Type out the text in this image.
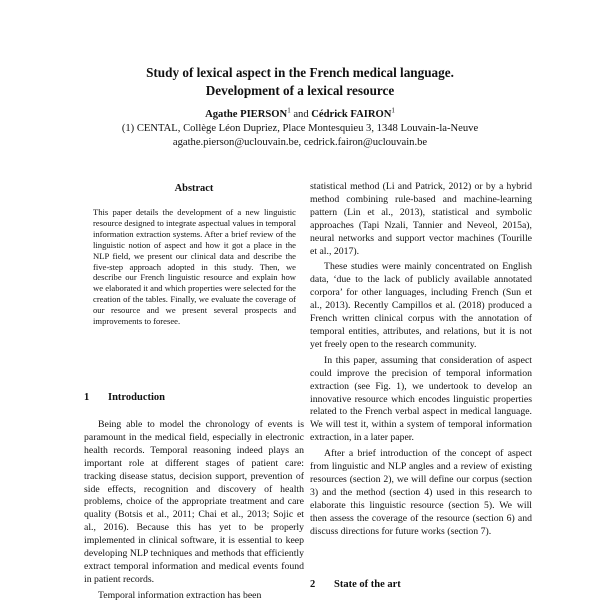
Study of lexical aspect in the French medical language.
Development of a lexical resource
Agathe PIERSON$^1$ and Cédrick FAIRON$^1$
(1) CENTAL, Collège Léon Dupriez, Place Montesquieu 3, 1348 Louvain-la-Neuve
agathe.pierson@uclouvain.be, cedrick.fairon@uclouvain.be
Abstract
This paper details the development of a new linguistic resource designed to integrate aspectual values in temporal information extraction systems. After a brief review of the linguistic notion of aspect and how it got a place in the NLP field, we present our clinical data and describe the five-step approach adopted in this study. Then, we describe our French linguistic resource and explain how we elaborated it and which properties were selected for the creation of the tables. Finally, we evaluate the coverage of our resource and we present several prospects and improvements to foresee.
1 Introduction

Being able to model the chronology of events is paramount in the medical field, especially in electronic health records. Temporal reasoning indeed plays an important role at different stages of patient care: tracking disease status, decision support, prevention of side effects, recognition and discovery of health problems, choice of the appropriate treatment and care quality (Botsis et al., 2011; Chai et al., 2013; Sojic et al., 2016). Because this has yet to be properly implemented in clinical software, it is essential to keep developing NLP techniques and methods that efficiently extract temporal information and medical events found in patient records.

Temporal information extraction has been

statistical method (Li and Patrick, 2012) or by a hybrid method combining rule-based and machine-learning pattern (Lin et al., 2013), statistical and symbolic approaches (Tapi Nzali, Tannier and Neveol, 2015a), neural networks and support vector machines (Tourille et al., 2017).

These studies were mainly concentrated on English data, ‘due to the lack of publicly available annotated corpora’ for other languages, including French (Sun et al., 2013). Recently Campillos et al. (2018) produced a French written clinical corpus with the annotation of temporal entities, attributes, and relations, but it is not yet freely open to the research community.

In this paper, assuming that consideration of aspect could improve the precision of temporal information extraction (see Fig. 1), we undertook to develop an innovative resource which encodes linguistic properties related to the French verbal aspect in medical language. We will test it, within a system of temporal information extraction, in a later paper.

After a brief introduction of the concept of aspect from linguistic and NLP angles and a review of existing resources (section 2), we will define our corpus (section 3) and the method (section 4) used in this research to elaborate this linguistic resource (section 5). We will then assess the coverage of the resource (section 6) and discuss directions for future works (section 7).

2 State of the art
